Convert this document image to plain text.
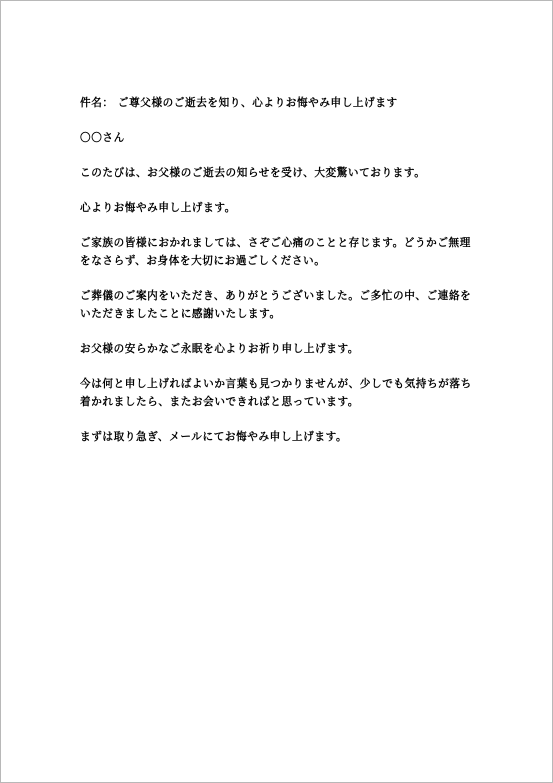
件名： ご尊父様のご逝去を知り、心よりお悔やみ申し上げます

〇〇さん

このたびは、お父様のご逝去の知らせを受け、大変驚いております。

心よりお悔やみ申し上げます。

ご家族の皆様におかれましては、さぞご心痛のことと存じます。どうかご無理をなさらず、お身体を大切にお過ごしください。

ご葬儀のご案内をいただき、ありがとうございました。ご多忙の中、ご連絡をいただきましたことに感謝いたします。

お父様の安らかなご永眠を心よりお祈り申し上げます。

今は何と申し上げればよいか言葉も見つかりませんが、少しでも気持ちが落ち着かれましたら、またお会いできればと思っています。

まずは取り急ぎ、メールにてお悔やみ申し上げます。
